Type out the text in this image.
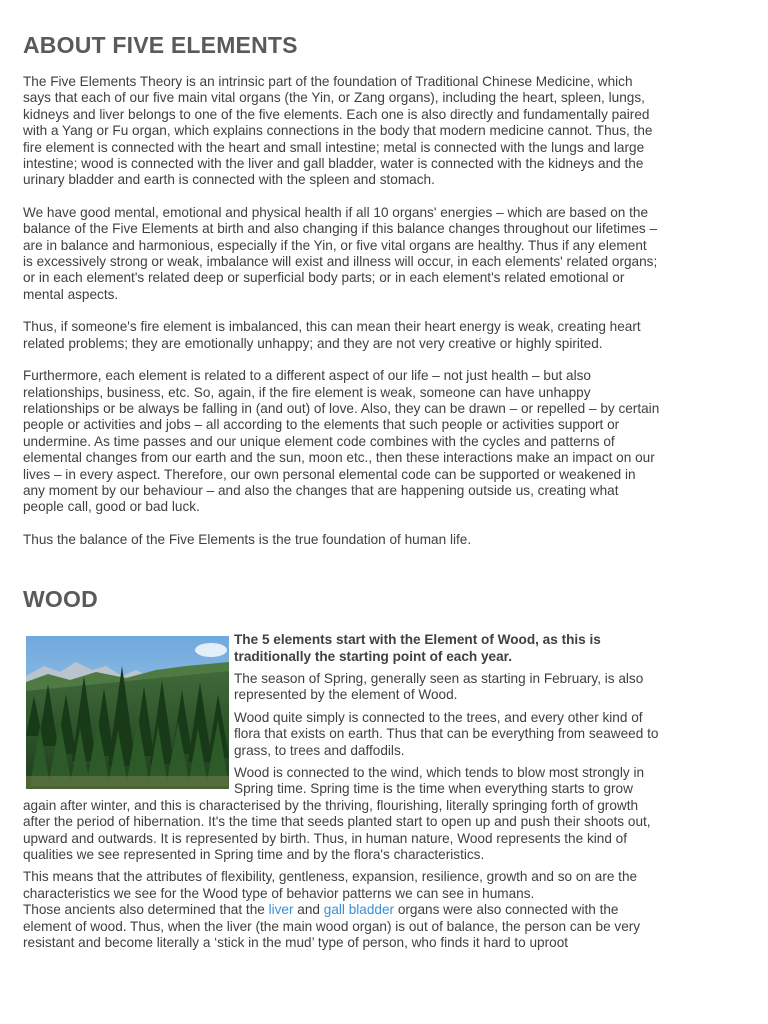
ABOUT FIVE ELEMENTS

The Five Elements Theory is an intrinsic part of the foundation of Traditional Chinese Medicine, which says that each of our five main vital organs (the Yin, or Zang organs), including the heart, spleen, lungs, kidneys and liver belongs to one of the five elements. Each one is also directly and fundamentally paired with a Yang or Fu organ, which explains connections in the body that modern medicine cannot. Thus, the fire element is connected with the heart and small intestine; metal is connected with the lungs and large intestine; wood is connected with the liver and gall bladder, water is connected with the kidneys and the urinary bladder and earth is connected with the spleen and stomach.

We have good mental, emotional and physical health if all 10 organs' energies – which are based on the balance of the Five Elements at birth and also changing if this balance changes throughout our lifetimes – are in balance and harmonious, especially if the Yin, or five vital organs are healthy. Thus if any element is excessively strong or weak, imbalance will exist and illness will occur, in each elements' related organs; or in each element's related deep or superficial body parts; or in each element's related emotional or mental aspects.

Thus, if someone's fire element is imbalanced, this can mean their heart energy is weak, creating heart related problems; they are emotionally unhappy; and they are not very creative or highly spirited.

Furthermore, each element is related to a different aspect of our life – not just health – but also relationships, business, etc. So, again, if the fire element is weak, someone can have unhappy relationships or be always be falling in (and out) of love. Also, they can be drawn – or repelled – by certain people or activities and jobs – all according to the elements that such people or activities support or undermine. As time passes and our unique element code combines with the cycles and patterns of elemental changes from our earth and the sun, moon etc., then these interactions make an impact on our lives – in every aspect. Therefore, our own personal elemental code can be supported or weakened in any moment by our behaviour – and also the changes that are happening outside us, creating what people call, good or bad luck.

Thus the balance of the Five Elements is the true foundation of human life.

WOOD

The 5 elements start with the Element of Wood, as this is traditionally the starting point of each year.

The season of Spring, generally seen as starting in February, is also represented by the element of Wood.

Wood quite simply is connected to the trees, and every other kind of flora that exists on earth. Thus that can be everything from seaweed to grass, to trees and daffodils.

Wood is connected to the wind, which tends to blow most strongly in Spring time. Spring time is the time when everything starts to grow again after winter, and this is characterised by the thriving, flourishing, literally springing forth of growth after the period of hibernation. It's the time that seeds planted start to open up and push their shoots out, upward and outwards. It is represented by birth. Thus, in human nature, Wood represents the kind of qualities we see represented in Spring time and by the flora's characteristics.

This means that the attributes of flexibility, gentleness, expansion, resilience, growth and so on are the characteristics we see for the Wood type of behavior patterns we can see in humans.

Those ancients also determined that the liver and gall bladder organs were also connected with the element of wood. Thus, when the liver (the main wood organ) is out of balance, the person can be very resistant and become literally a ‘stick in the mud’ type of person, who finds it hard to uproot
